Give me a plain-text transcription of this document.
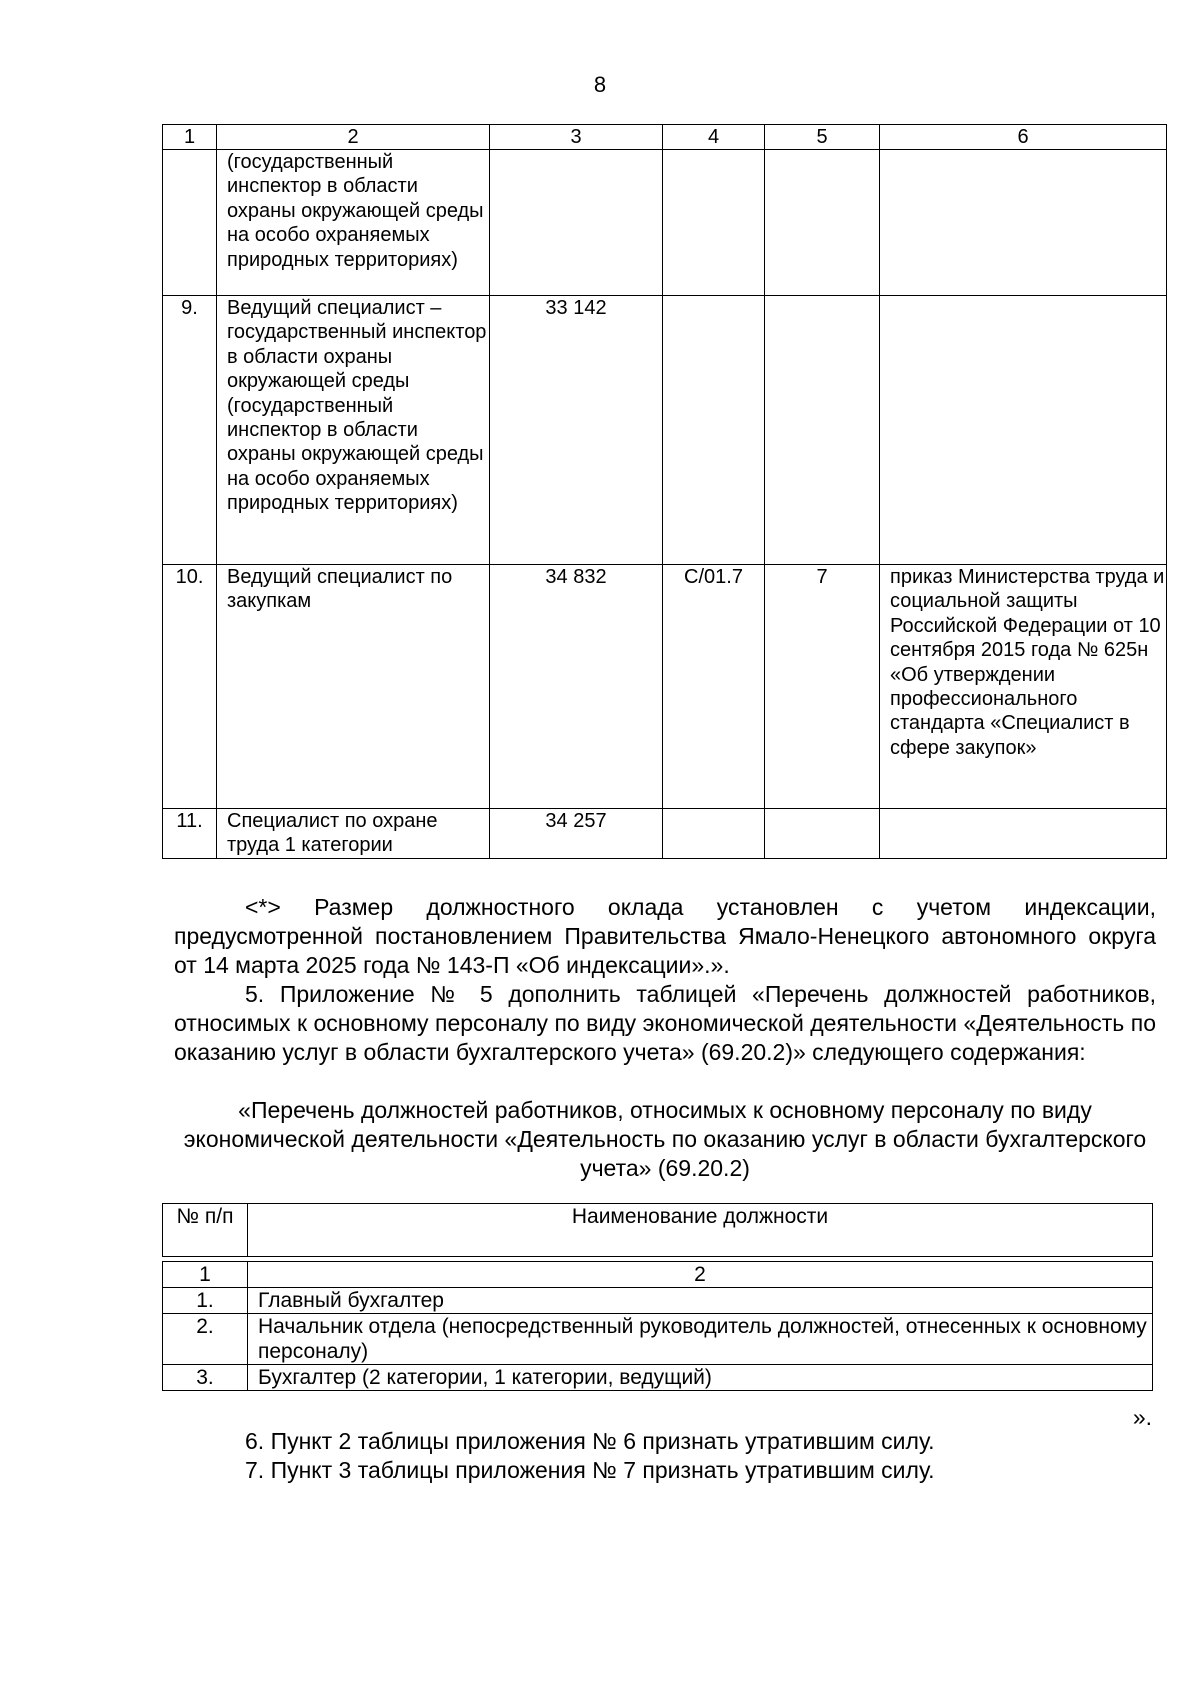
8
1	2	3	4	5	6
	(государственный инспектор в области охраны окружающей среды на особо охраняемых природных территориях)				
9.	Ведущий специалист – государственный инспектор в области охраны окружающей среды (государственный инспектор в области охраны окружающей среды на особо охраняемых природных территориях)	33 142			
10.	Ведущий специалист по закупкам	34 832	C/01.7	7	приказ Министерства труда и социальной защиты Российской Федерации от 10 сентября 2015 года № 625н «Об утверждении профессионального стандарта «Специалист в сфере закупок»
11.	Специалист по охране труда 1 категории	34 257			
<*> Размер должностного оклада установлен с учетом индексации, предусмотренной постановлением Правительства Ямало-Ненецкого автономного округа от 14 марта 2025 года № 143-П «Об индексации».».
5. Приложение № 5 дополнить таблицей «Перечень должностей работников, относимых к основному персоналу по виду экономической деятельности «Деятельность по оказанию услуг в области бухгалтерского учета» (69.20.2)» следующего содержания:
«Перечень должностей работников, относимых к основному персоналу по виду экономической деятельности «Деятельность по оказанию услуг в области бухгалтерского учета» (69.20.2)
№ п/п	Наименование должности

1	2
1.	Главный бухгалтер
2.	Начальник отдела (непосредственный руководитель должностей, отнесенных к основному персоналу)
3.	Бухгалтер (2 категории, 1 категории, ведущий)
».
6. Пункт 2 таблицы приложения № 6 признать утратившим силу.
7. Пункт 3 таблицы приложения № 7 признать утратившим силу.
